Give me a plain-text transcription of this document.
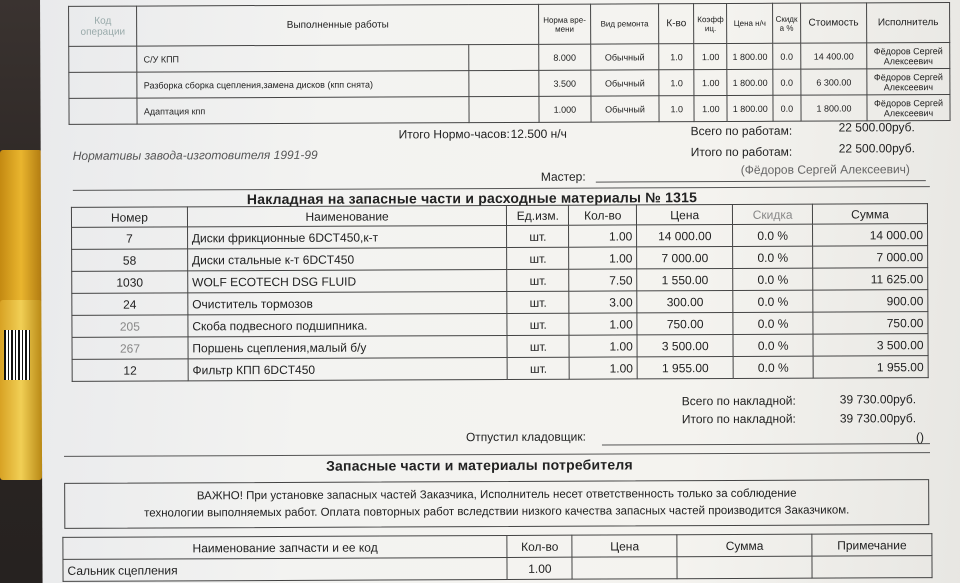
Код операции	Выполненные работы		Норма вре-мени	Вид ремонта	К-во	Коэфф иц.	Цена н/ч	Скидк а %	Стоимость	Исполнитель
	С/У КПП		8.000	Обычный	1.0	1.00	1 800.00	0.0	14 400.00	Фёдоров Сергей Алексеевич
	Разборка сборка сцепления,замена дисков (кпп снята)		3.500	Обычный	1.0	1.00	1 800.00	0.0	6 300.00	Фёдоров Сергей Алексеевич
	Адаптация кпп		1.000	Обычный	1.0	1.00	1 800.00	0.0	1 800.00	Фёдоров Сергей Алексеевич
Итого Нормо-часов: 12.500 н/ч	Всего по работам:	22 500.00руб.
Нормативы завода-изготовителя 1991-99	Итого по работам:	22 500.00руб.
Мастер:	(Фёдоров Сергей Алексеевич)
Накладная на запасные части и расходные материалы № 1315
Номер	Наименование	Ед.изм.	Кол-во	Цена	Скидка	Сумма
7	Диски фрикционные 6DCT450,к-т	шт.	1.00	14 000.00	0.0 %	14 000.00
58	Диски стальные к-т 6DCT450	шт.	1.00	7 000.00	0.0 %	7 000.00
1030	WOLF ECOTECH DSG FLUID	шт.	7.50	1 550.00	0.0 %	11 625.00
24	Очиститель тормозов	шт.	3.00	300.00	0.0 %	900.00
205	Скоба подвесного подшипника.	шт.	1.00	750.00	0.0 %	750.00
267	Поршень сцепления,малый б/у	шт.	1.00	3 500.00	0.0 %	3 500.00
12	Фильтр КПП 6DCT450	шт.	1.00	1 955.00	0.0 %	1 955.00
Всего по накладной:	39 730.00руб.
Итого по накладной:	39 730.00руб.
Отпустил кладовщик:	()
Запасные части и материалы потребителя
ВАЖНО! При установке запасных частей Заказчика, Исполнитель несет ответственность только за соблюдение
технологии выполняемых работ. Оплата повторных работ вследствии низкого качества запасных частей производится Заказчиком.
Наименование запчасти и ее код	Кол-во	Цена	Сумма	Примечание
Сальник сцепления	1.00			
